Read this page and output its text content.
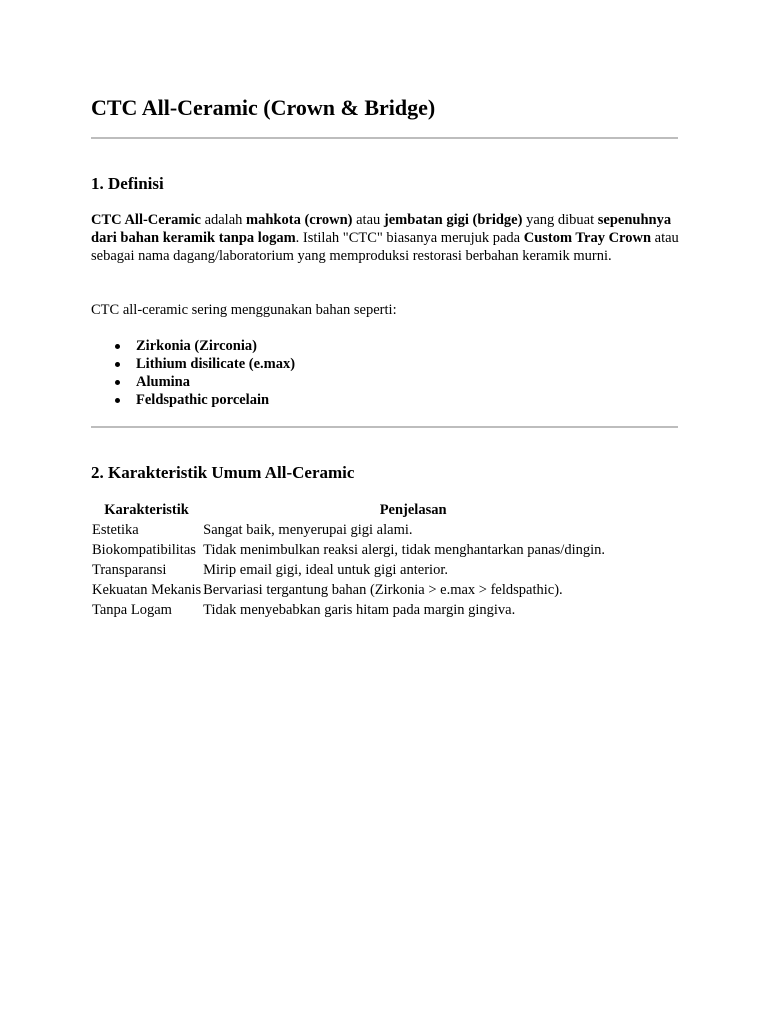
CTC All-Ceramic (Crown & Bridge)
1. Definisi

CTC All-Ceramic adalah mahkota (crown) atau jembatan gigi (bridge) yang dibuat sepenuhnya dari bahan keramik tanpa logam. Istilah "CTC" biasanya merujuk pada Custom Tray Crown atau sebagai nama dagang/laboratorium yang memproduksi restorasi berbahan keramik murni.

CTC all-ceramic sering menggunakan bahan seperti:

Zirkonia (Zirconia)
Lithium disilicate (e.max)
Alumina
Feldspathic porcelain
2. Karakteristik Umum All-Ceramic
Karakteristik	Penjelasan
Estetika	Sangat baik, menyerupai gigi alami.
Biokompatibilitas	Tidak menimbulkan reaksi alergi, tidak menghantarkan panas/dingin.
Transparansi	Mirip email gigi, ideal untuk gigi anterior.
Kekuatan Mekanis	Bervariasi tergantung bahan (Zirkonia > e.max > feldspathic).
Tanpa Logam	Tidak menyebabkan garis hitam pada margin gingiva.
